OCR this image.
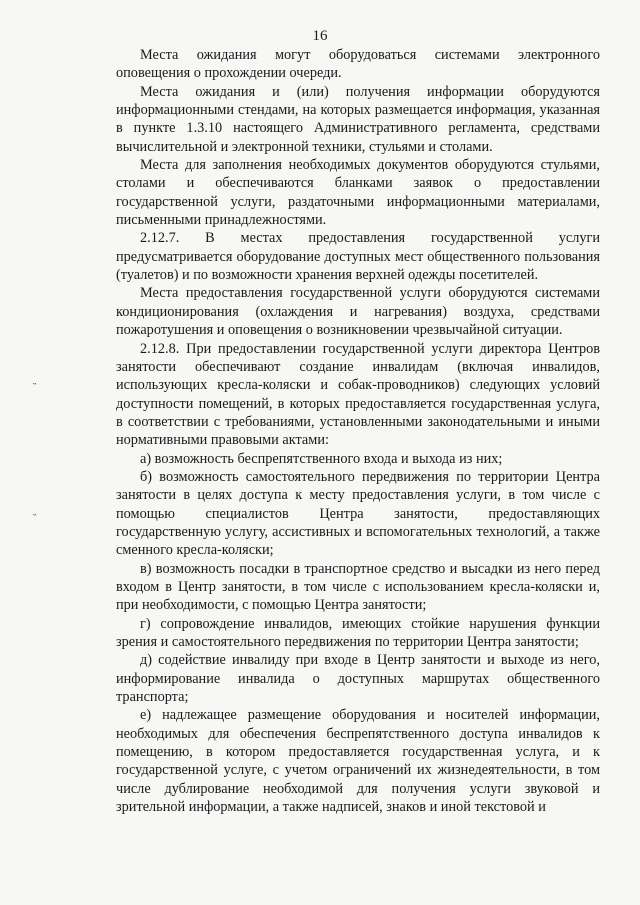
16
˵
˵

Места ожидания могут оборудоваться системами электронного оповещения о прохождении очереди.

Места ожидания и (или) получения информации оборудуются информационными стендами, на которых размещается информация, указанная в пункте 1.3.10 настоящего Административного регламента, средствами вычислительной и электронной техники, стульями и столами.

Места для заполнения необходимых документов оборудуются стульями, столами и обеспечиваются бланками заявок о предоставлении государственной услуги, раздаточными информационными материалами, письменными принадлежностями.

2.12.7. В местах предоставления государственной услуги предусматривается оборудование доступных мест общественного пользования (туалетов) и по возможности хранения верхней одежды посетителей.

Места предоставления государственной услуги оборудуются системами кондиционирования (охлаждения и нагревания) воздуха, средствами пожаротушения и оповещения о возникновении чрезвычайной ситуации.

2.12.8. При предоставлении государственной услуги директора Центров занятости обеспечивают создание инвалидам (включая инвалидов, использующих кресла-коляски и собак-проводников) следующих условий доступности помещений, в которых предоставляется государственная услуга, в соответствии с требованиями, установленными законодательными и иными нормативными правовыми актами:

а) возможность беспрепятственного входа и выхода из них;

б) возможность самостоятельного передвижения по территории Центра занятости в целях доступа к месту предоставления услуги, в том числе с помощью специалистов Центра занятости, предоставляющих государственную услугу, ассистивных и вспомогательных технологий, а также сменного кресла-коляски;

в) возможность посадки в транспортное средство и высадки из него перед входом в Центр занятости, в том числе с использованием кресла-коляски и, при необходимости, с помощью Центра занятости;

г) сопровождение инвалидов, имеющих стойкие нарушения функции зрения и самостоятельного передвижения по территории Центра занятости;

д) содействие инвалиду при входе в Центр занятости и выходе из него, информирование инвалида о доступных маршрутах общественного транспорта;

е) надлежащее размещение оборудования и носителей информации, необходимых для обеспечения беспрепятственного доступа инвалидов к помещению, в котором предоставляется государственная услуга, и к государственной услуге, с учетом ограничений их жизнедеятельности, в том числе дублирование необходимой для получения услуги звуковой и зрительной информации, а также надписей, знаков и иной текстовой и
